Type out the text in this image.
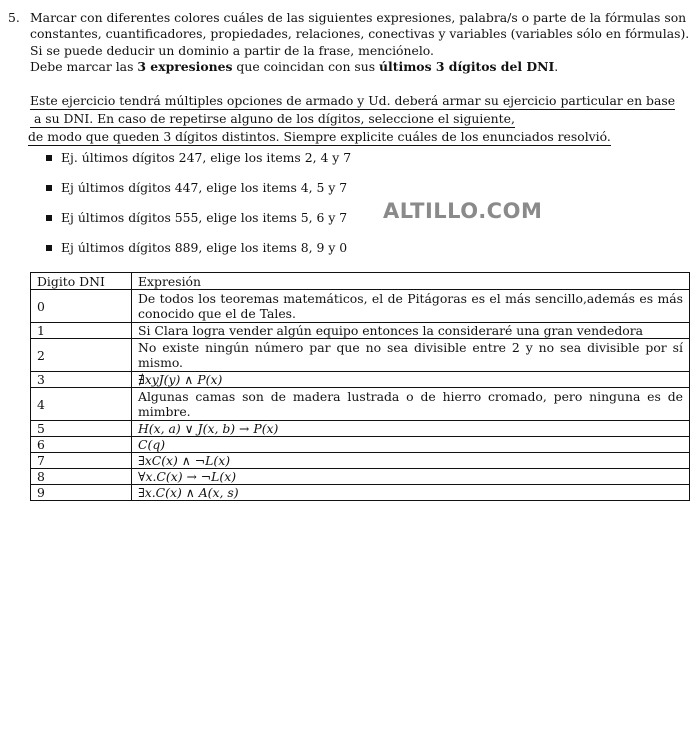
5. Marcar con diferentes colores cuáles de las siguientes expresiones, palabra/s o parte de la fórmulas son
constantes, cuantificadores, propiedades, relaciones, conectivas y variables (variables sólo en fórmulas).
Si se puede deducir un dominio a partir de la frase, menciónelo.
Debe marcar las 3 expresiones que coincidan con sus últimos 3 dígitos del DNI.
Este ejercicio tendrá múltiples opciones de armado y Ud. deberá armar su ejercicio particular en base
a su DNI. En caso de repetirse alguno de los dígitos, seleccione el siguiente,
de modo que queden 3 dígitos distintos. Siempre explicite cuáles de los enunciados resolvió.
Ej. últimos dígitos 247, elige los items 2, 4 y 7
Ej últimos dígitos 447, elige los items 4, 5 y 7
Ej últimos dígitos 555, elige los items 5, 6 y 7
Ej últimos dígitos 889, elige los items 8, 9 y 0
ALTILLO.COM
Digito DNI	Expresión
0	De todos los teoremas matemáticos, el de Pitágoras es el más sencillo,además es más conocido que el de Tales.
1	Si Clara logra vender algún equipo entonces la consideraré una gran vendedora
2	No existe ningún número par que no sea divisible entre 2 y no sea divisible por sí mismo.
3	∄xyJ(y) ∧ P(x)
4	Algunas camas son de madera lustrada o de hierro cromado, pero ninguna es de mimbre.
5	H(x, a) ∨ J(x, b) → P(x)
6	C(q)
7	∃xC(x) ∧ ¬L(x)
8	∀x.C(x) → ¬L(x)
9	∃x.C(x) ∧ A(x, s)
